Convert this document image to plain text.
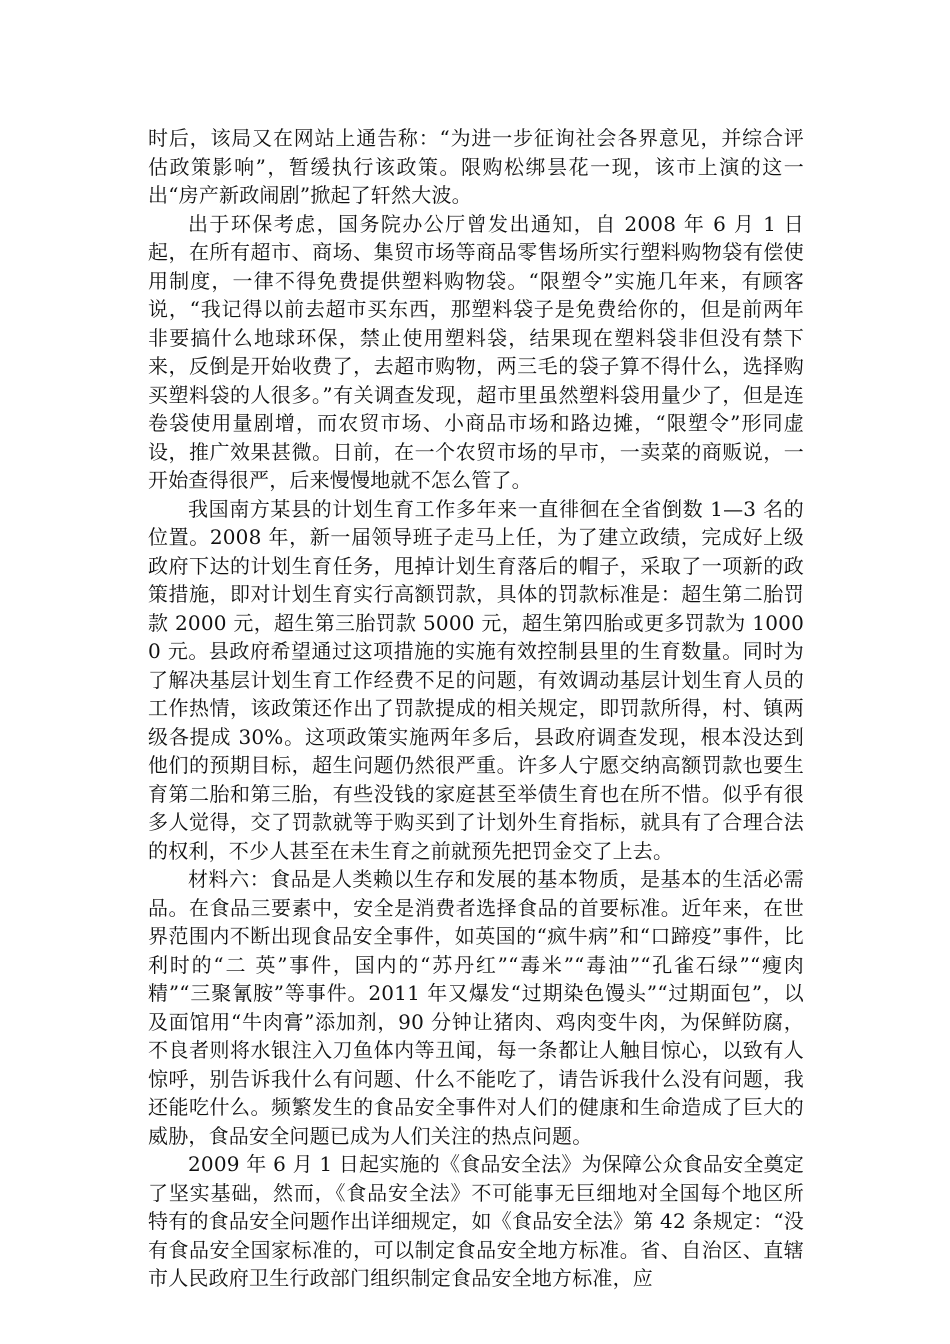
时后，该局又在网站上通告称：“为进一步征询社会各界意见，并综合评估政策影响”，暂缓执行该政策。限购松绑昙花一现，该市上演的这一出“房产新政闹剧”掀起了轩然大波。

出于环保考虑，国务院办公厅曾发出通知，自 2008 年 6 月 1 日起，在所有超市、商场、集贸市场等商品零售场所实行塑料购物袋有偿使用制度，一律不得免费提供塑料购物袋。“限塑令”实施几年来，有顾客说，“我记得以前去超市买东西，那塑料袋子是免费给你的，但是前两年非要搞什么地球环保，禁止使用塑料袋，结果现在塑料袋非但没有禁下来，反倒是开始收费了，去超市购物，两三毛的袋子算不得什么，选择购买塑料袋的人很多。”有关调查发现，超市里虽然塑料袋用量少了，但是连卷袋使用量剧增，而农贸市场、小商品市场和路边摊，“限塑令”形同虚设，推广效果甚微。日前，在一个农贸市场的早市，一卖菜的商贩说，一开始查得很严，后来慢慢地就不怎么管了。

我国南方某县的计划生育工作多年来一直徘徊在全省倒数 1—3 名的位置。2008 年，新一届领导班子走马上任，为了建立政绩，完成好上级政府下达的计划生育任务，甩掉计划生育落后的帽子，采取了一项新的政策措施，即对计划生育实行高额罚款，具体的罚款标准是：超生第二胎罚款 2000 元，超生第三胎罚款 5000 元，超生第四胎或更多罚款为 10000 元。县政府希望通过这项措施的实施有效控制县里的生育数量。同时为了解决基层计划生育工作经费不足的问题，有效调动基层计划生育人员的工作热情，该政策还作出了罚款提成的相关规定，即罚款所得，村、镇两级各提成 30%。这项政策实施两年多后，县政府调查发现，根本没达到他们的预期目标，超生问题仍然很严重。许多人宁愿交纳高额罚款也要生育第二胎和第三胎，有些没钱的家庭甚至举债生育也在所不惜。似乎有很多人觉得，交了罚款就等于购买到了计划外生育指标，就具有了合理合法的权利，不少人甚至在未生育之前就预先把罚金交了上去。

材料六：食品是人类赖以生存和发展的基本物质，是基本的生活必需品。在食品三要素中，安全是消费者选择食品的首要标准。近年来，在世界范围内不断出现食品安全事件，如英国的“疯牛病”和“口蹄疫”事件，比利时的“二 英”事件，国内的“苏丹红”“毒米”“毒油”“孔雀石绿”“瘦肉精”“三聚氰胺”等事件。2011 年又爆发“过期染色馒头”“过期面包”，以及面馆用“牛肉膏”添加剂，90 分钟让猪肉、鸡肉变牛肉，为保鲜防腐，不良者则将水银注入刀鱼体内等丑闻，每一条都让人触目惊心，以致有人惊呼，别告诉我什么有问题、什么不能吃了，请告诉我什么没有问题，我还能吃什么。频繁发生的食品安全事件对人们的健康和生命造成了巨大的威胁，食品安全问题已成为人们关注的热点问题。

2009 年 6 月 1 日起实施的《食品安全法》为保障公众食品安全奠定了坚实基础，然而，《食品安全法》不可能事无巨细地对全国每个地区所特有的食品安全问题作出详细规定，如《食品安全法》第 42 条规定：“没有食品安全国家标准的，可以制定食品安全地方标准。省、自治区、直辖市人民政府卫生行政部门组织制定食品安全地方标准，应
